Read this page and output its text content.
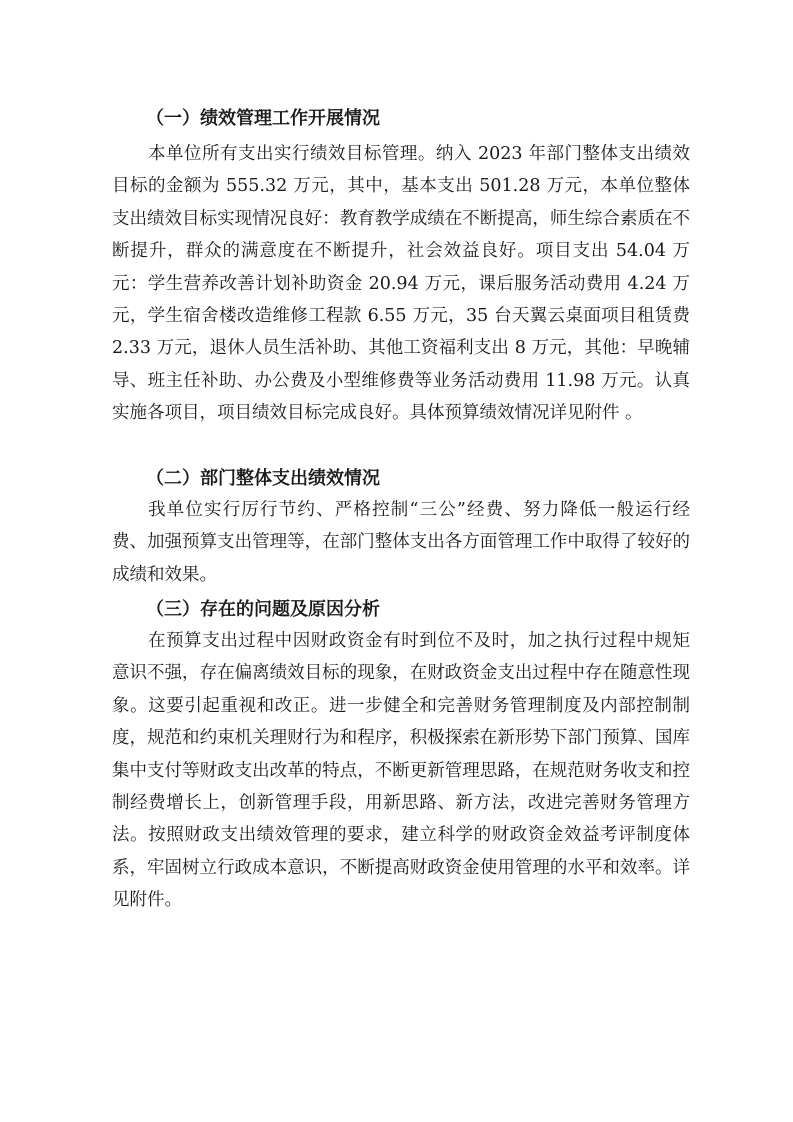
（一）绩效管理工作开展情况

本单位所有支出实行绩效目标管理。纳入 2023 年部门整体支出绩效目标的金额为 555.32 万元，其中，基本支出 501.28 万元，本单位整体支出绩效目标实现情况良好：教育教学成绩在不断提高，师生综合素质在不断提升，群众的满意度在不断提升，社会效益良好。项目支出 54.04 万元：学生营养改善计划补助资金 20.94 万元，课后服务活动费用 4.24 万元，学生宿舍楼改造维修工程款 6.55 万元，35 台天翼云桌面项目租赁费 2.33 万元，退休人员生活补助、其他工资福利支出 8 万元，其他：早晚辅导、班主任补助、办公费及小型维修费等业务活动费用 11.98 万元。认真实施各项目，项目绩效目标完成良好。具体预算绩效情况详见附件 。

（二）部门整体支出绩效情况

我单位实行厉行节约、严格控制“三公”经费、努力降低一般运行经费、加强预算支出管理等，在部门整体支出各方面管理工作中取得了较好的成绩和效果。

（三）存在的问题及原因分析

在预算支出过程中因财政资金有时到位不及时，加之执行过程中规矩意识不强，存在偏离绩效目标的现象，在财政资金支出过程中存在随意性现象。这要引起重视和改正。进一步健全和完善财务管理制度及内部控制制度，规范和约束机关理财行为和程序，积极探索在新形势下部门预算、国库集中支付等财政支出改革的特点，不断更新管理思路，在规范财务收支和控制经费增长上，创新管理手段，用新思路、新方法，改进完善财务管理方法。按照财政支出绩效管理的要求，建立科学的财政资金效益考评制度体系，牢固树立行政成本意识，不断提高财政资金使用管理的水平和效率。详见附件。
